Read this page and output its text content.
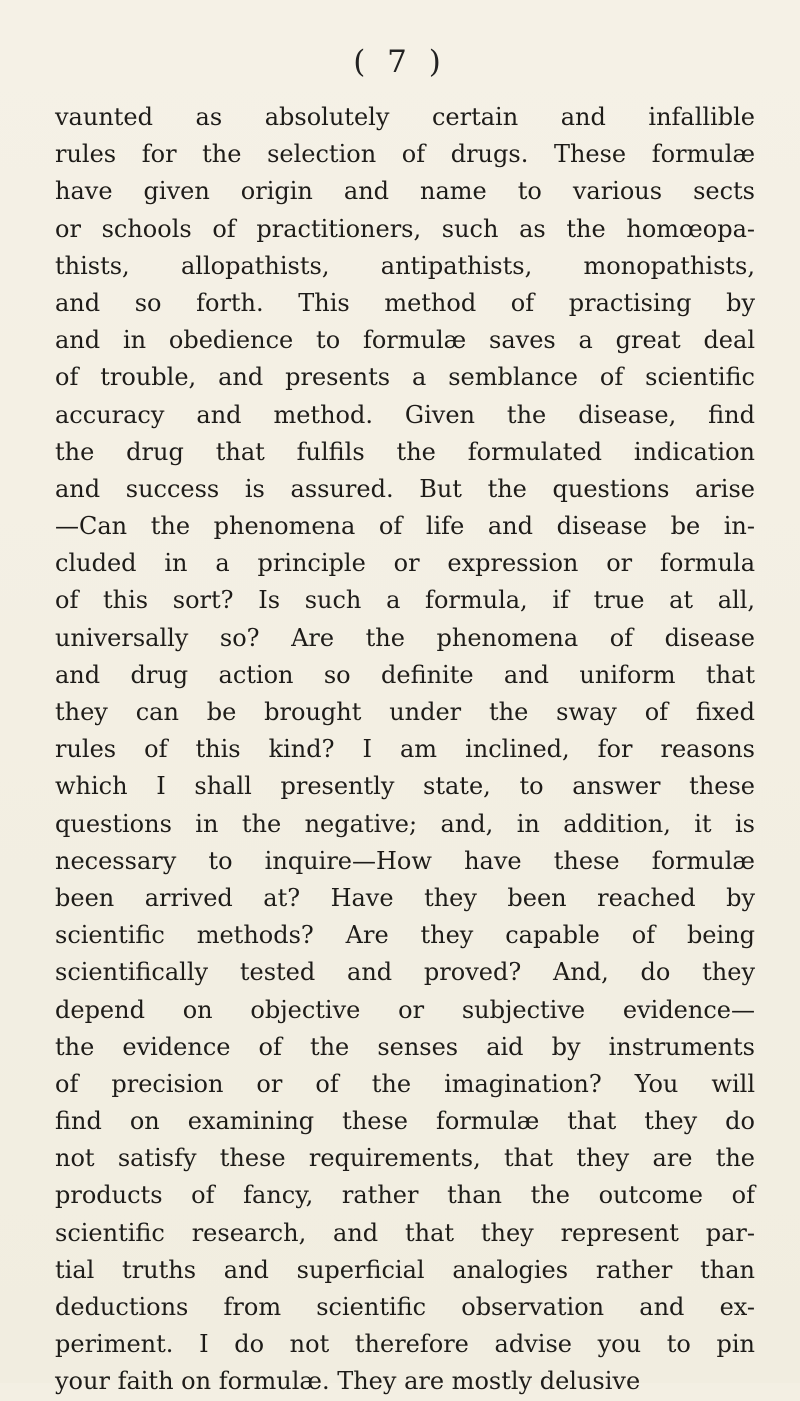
( 7 )
vaunted as absolutely certain and infallible
rules for the selection of drugs. These formulæ
have given origin and name to various sects
or schools of practitioners, such as the homœopa-
thists, allopathists, antipathists, monopathists,
and so forth. This method of practising by
and in obedience to formulæ saves a great deal
of trouble, and presents a semblance of scientific
accuracy and method. Given the disease, find
the drug that fulfils the formulated indication
and success is assured. But the questions arise
—Can the phenomena of life and disease be in-
cluded in a principle or expression or formula
of this sort? Is such a formula, if true at all,
universally so? Are the phenomena of disease
and drug action so definite and uniform that
they can be brought under the sway of fixed
rules of this kind? I am inclined, for reasons
which I shall presently state, to answer these
questions in the negative; and, in addition, it is
necessary to inquire—How have these formulæ
been arrived at? Have they been reached by
scientific methods? Are they capable of being
scientifically tested and proved? And, do they
depend on objective or subjective evidence—
the evidence of the senses aid by instruments
of precision or of the imagination? You will
find on examining these formulæ that they do
not satisfy these requirements, that they are the
products of fancy, rather than the outcome of
scientific research, and that they represent par-
tial truths and superficial analogies rather than
deductions from scientific observation and ex-
periment. I do not therefore advise you to pin
your faith on formulæ. They are mostly delusive
